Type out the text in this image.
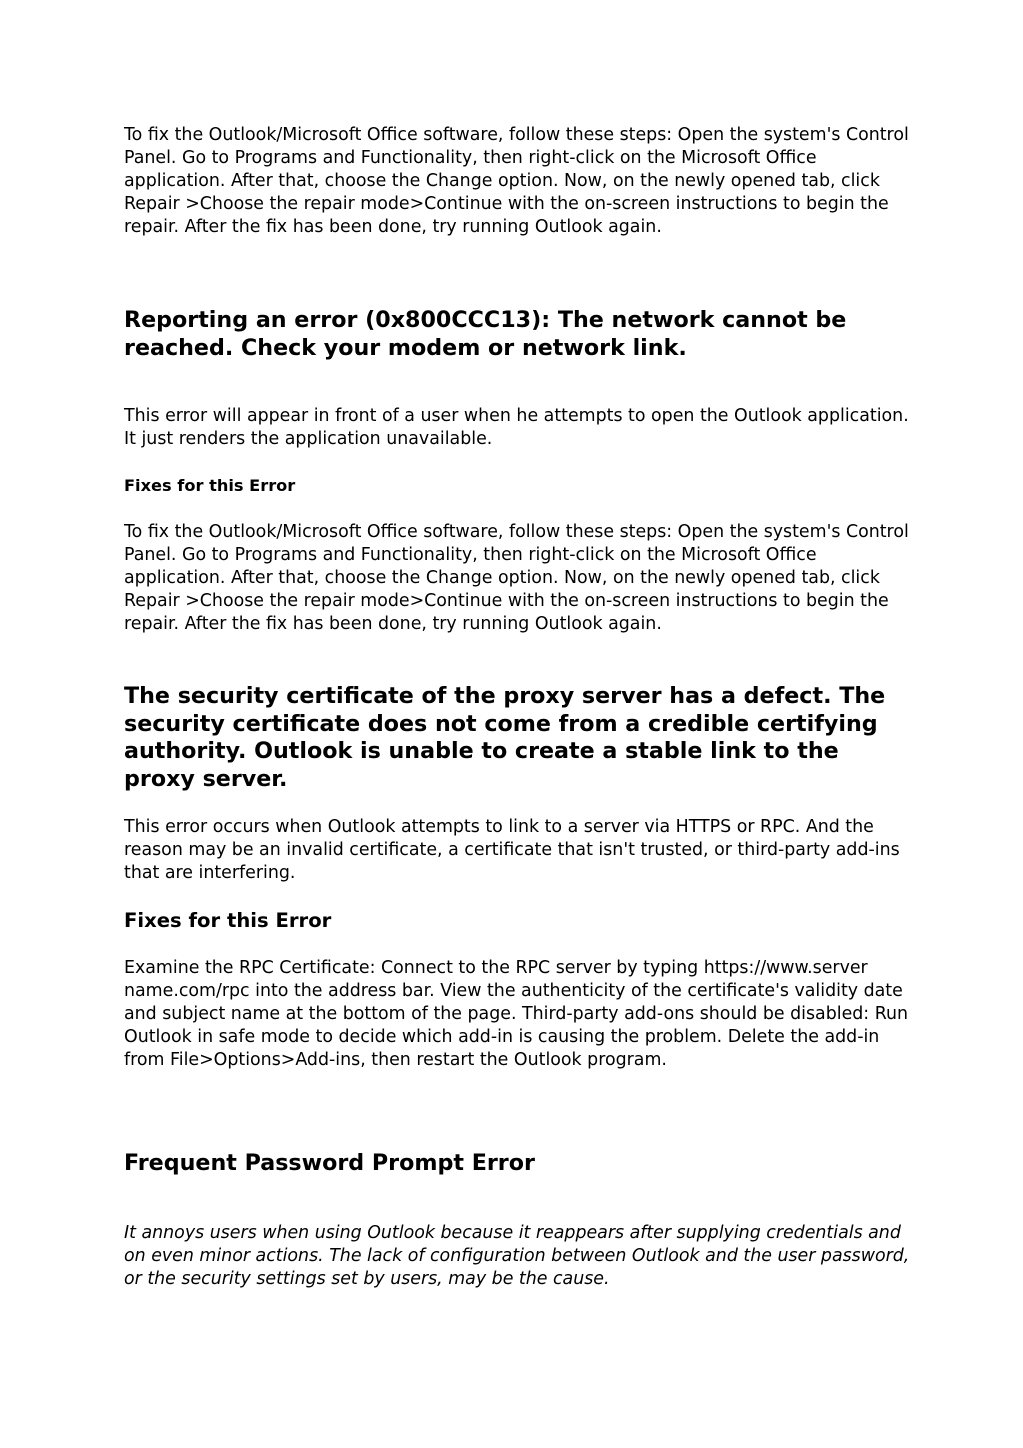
To fix the Outlook/Microsoft Office software, follow these steps: Open the system's Control Panel. Go to Programs and Functionality, then right-click on the Microsoft Office application. After that, choose the Change option. Now, on the newly opened tab, click Repair >Choose the repair mode>Continue with the on-screen instructions to begin the repair. After the fix has been done, try running Outlook again.

Reporting an error (0x800CCC13): The network cannot be reached. Check your modem or network link.

This error will appear in front of a user when he attempts to open the Outlook application. It just renders the application unavailable.

Fixes for this Error

To fix the Outlook/Microsoft Office software, follow these steps: Open the system's Control Panel. Go to Programs and Functionality, then right-click on the Microsoft Office application. After that, choose the Change option. Now, on the newly opened tab, click Repair >Choose the repair mode>Continue with the on-screen instructions to begin the repair. After the fix has been done, try running Outlook again.

The security certificate of the proxy server has a defect. The security certificate does not come from a credible certifying authority. Outlook is unable to create a stable link to the proxy server.

This error occurs when Outlook attempts to link to a server via HTTPS or RPC. And the reason may be an invalid certificate, a certificate that isn't trusted, or third-party add-ins that are interfering.

Fixes for this Error

Examine the RPC Certificate: Connect to the RPC server by typing https://www.server name.com/rpc into the address bar. View the authenticity of the certificate's validity date and subject name at the bottom of the page. Third-party add-ons should be disabled: Run Outlook in safe mode to decide which add-in is causing the problem. Delete the add-in from File>Options>Add-ins, then restart the Outlook program.

Frequent Password Prompt Error

It annoys users when using Outlook because it reappears after supplying credentials and on even minor actions. The lack of configuration between Outlook and the user password, or the security settings set by users, may be the cause.
